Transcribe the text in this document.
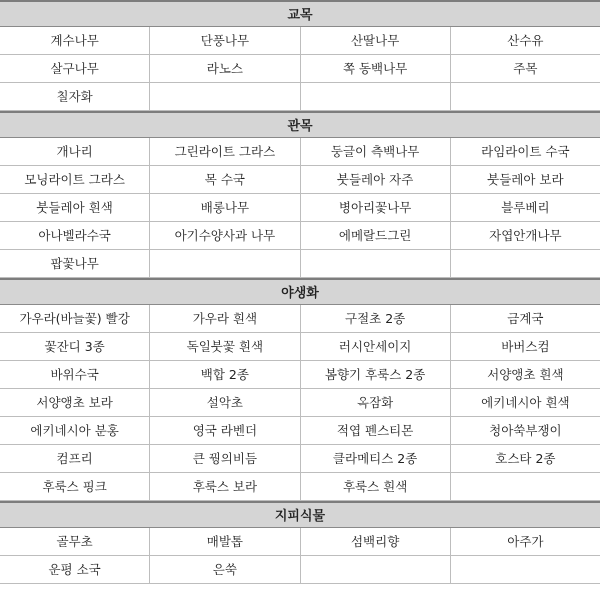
교목
계수나무	단풍나무	산딸나무	산수유
살구나무	라노스	쪽 동백나무	주목
칠자화
관목
개나리	그린라이트 그라스	둥글이 측백나무	라임라이트 수국
모닝라이트 그라스	목 수국	붓들레아 자주	붓들레아 보라
붓들레아 흰색	배롱나무	병아리꽃나무	블루베리
아나벨라수국	아기수양사과 나무	에메랄드그린	자엽안개나무
팝꽃나무
야생화
가우라(바늘꽃) 빨강	가우라 흰색	구절초 2종	금계국
꽃잔디 3종	독일붓꽃 흰색	러시안세이지	바버스컴
바위수국	백합 2종	봄향기 후룩스 2종	서양앵초 흰색
서양앵초 보라	설악초	옥잠화	에키네시아 흰색
에키네시아 분홍	영국 라벤더	적엽 펜스티몬	청아쑥부쟁이
컴프리	큰 꿩의비듬	클라메티스 2종	호스타 2종
후룩스 핑크	후룩스 보라	후룩스 흰색
지피식물
골무초	매발톱	섬백리향	아주가
운평 소국	은쑥
